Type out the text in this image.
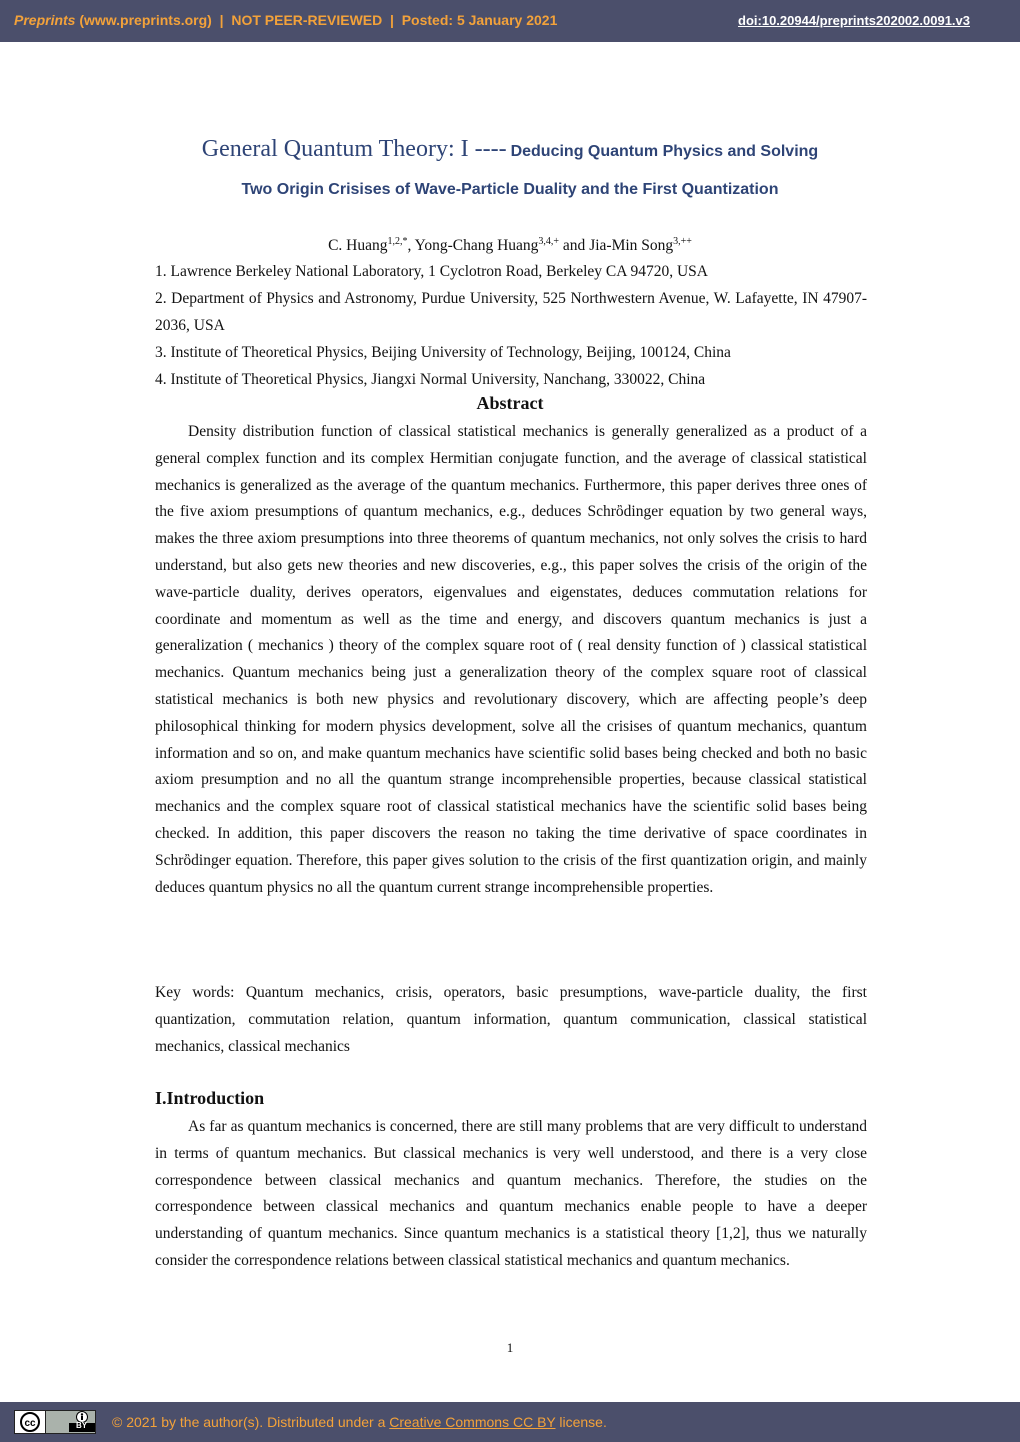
Preprints (www.preprints.org) | NOT PEER-REVIEWED | Posted: 5 January 2021	doi:10.20944/preprints202002.0091.v3
General Quantum Theory: I ---- Deducing Quantum Physics and Solving
Two Origin Crisises of Wave-Particle Duality and the First Quantization
C. Huang$^{1,2,*}$, Yong-Chang Huang$^{3,4,+}$ and Jia-Min Song$^{3,++}$
1. Lawrence Berkeley National Laboratory, 1 Cyclotron Road, Berkeley CA 94720, USA
2. Department of Physics and Astronomy, Purdue University, 525 Northwestern Avenue, W. Lafayette, IN 47907-2036, USA
3. Institute of Theoretical Physics, Beijing University of Technology, Beijing, 100124, China
4. Institute of Theoretical Physics, Jiangxi Normal University, Nanchang, 330022, China
Abstract
Density distribution function of classical statistical mechanics is generally generalized as a product of a general complex function and its complex Hermitian conjugate function, and the average of classical statistical mechanics is generalized as the average of the quantum mechanics. Furthermore, this paper derives three ones of the five axiom presumptions of quantum mechanics, e.g., deduces Schrὂdinger equation by two general ways, makes the three axiom presumptions into three theorems of quantum mechanics, not only solves the crisis to hard understand, but also gets new theories and new discoveries, e.g., this paper solves the crisis of the origin of the wave-particle duality, derives operators, eigenvalues and eigenstates, deduces commutation relations for coordinate and momentum as well as the time and energy, and discovers quantum mechanics is just a generalization ( mechanics ) theory of the complex square root of ( real density function of ) classical statistical mechanics. Quantum mechanics being just a generalization theory of the complex square root of classical statistical mechanics is both new physics and revolutionary discovery, which are affecting people’s deep philosophical thinking for modern physics development, solve all the crisises of quantum mechanics, quantum information and so on, and make quantum mechanics have scientific solid bases being checked and both no basic axiom presumption and no all the quantum strange incomprehensible properties, because classical statistical mechanics and the complex square root of classical statistical mechanics have the scientific solid bases being checked. In addition, this paper discovers the reason no taking the time derivative of space coordinates in Schrὂdinger equation. Therefore, this paper gives solution to the crisis of the first quantization origin, and mainly deduces quantum physics no all the quantum current strange incomprehensible properties.
Key words: Quantum mechanics, crisis, operators, basic presumptions, wave-particle duality, the first quantization, commutation relation, quantum information, quantum communication, classical statistical mechanics, classical mechanics
I.Introduction
As far as quantum mechanics is concerned, there are still many problems that are very difficult to understand in terms of quantum mechanics. But classical mechanics is very well understood, and there is a very close correspondence between classical mechanics and quantum mechanics. Therefore, the studies on the correspondence between classical mechanics and quantum mechanics enable people to have a deeper understanding of quantum mechanics. Since quantum mechanics is a statistical theory [1,2], thus we naturally consider the correspondence relations between classical statistical mechanics and quantum mechanics.
1
cc	BY © 2021 by the author(s). Distributed under a Creative Commons CC BY license.
